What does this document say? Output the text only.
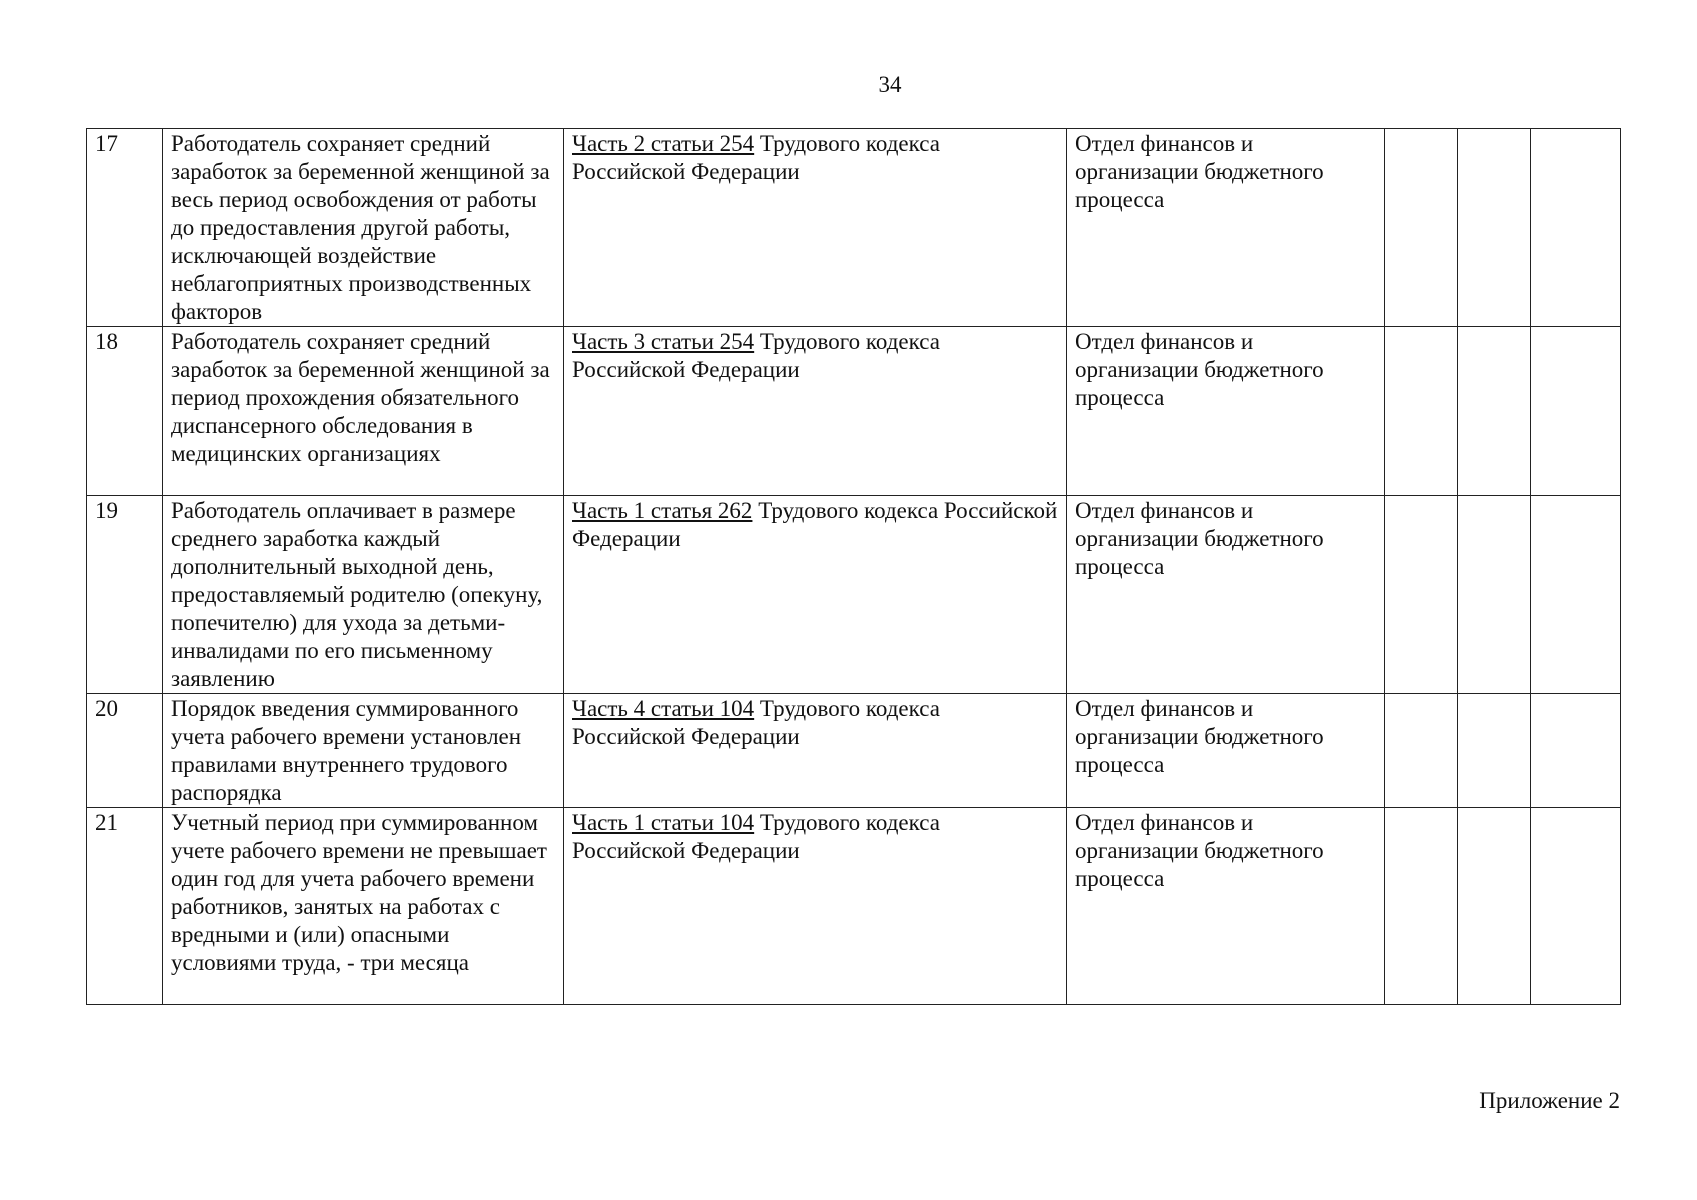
34
17	Работодатель сохраняет средний заработок за беременной женщиной за весь период освобождения от работы до предоставления другой работы, исключающей воздействие неблагоприятных производственных факторов	Часть 2 статьи 254 Трудового кодекса Российской Федерации	Отдел финансов и организации бюджетного процесса			
18	Работодатель сохраняет средний заработок за беременной женщиной за период прохождения обязательного диспансерного обследования в медицинских организациях	Часть 3 статьи 254 Трудового кодекса Российской Федерации	Отдел финансов и организации бюджетного процесса			
19	Работодатель оплачивает в размере среднего заработка каждый дополнительный выходной день, предоставляемый родителю (опекуну, попечителю) для ухода за детьми-инвалидами по его письменному заявлению	Часть 1 статья 262 Трудового кодекса Российской Федерации	Отдел финансов и организации бюджетного процесса			
20	Порядок введения суммированного учета рабочего времени установлен правилами внутреннего трудового распорядка	Часть 4 статьи 104 Трудового кодекса Российской Федерации	Отдел финансов и организации бюджетного процесса			
21	Учетный период при суммированном учете рабочего времени не превышает один год для учета рабочего времени работников, занятых на работах с вредными и (или) опасными условиями труда, - три месяца	Часть 1 статьи 104 Трудового кодекса Российской Федерации	Отдел финансов и организации бюджетного процесса			
Приложение 2
